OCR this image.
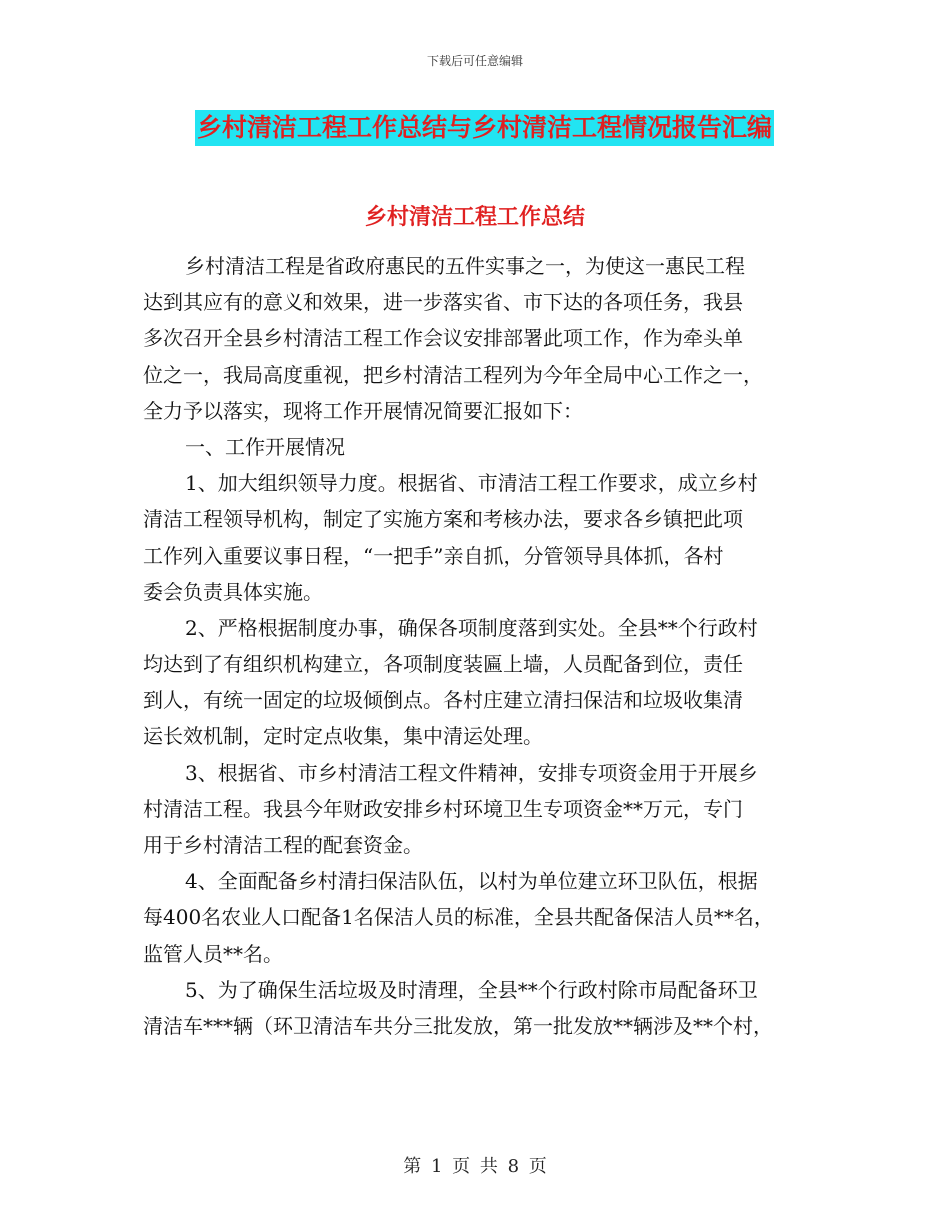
下载后可任意编辑
乡村清洁工程工作总结与乡村清洁工程情况报告汇编
乡村清洁工程工作总结
乡村清洁工程是省政府惠民的五件实事之一，为使这一惠民工程
达到其应有的意义和效果，进一步落实省、市下达的各项任务，我县
多次召开全县乡村清洁工程工作会议安排部署此项工作，作为牵头单
位之一，我局高度重视，把乡村清洁工程列为今年全局中心工作之一，
全力予以落实，现将工作开展情况简要汇报如下：
一、工作开展情况
1、加大组织领导力度。根据省、市清洁工程工作要求，成立乡村
清洁工程领导机构，制定了实施方案和考核办法，要求各乡镇把此项
工作列入重要议事日程，“一把手”亲自抓，分管领导具体抓，各村
委会负责具体实施。
2、严格根据制度办事，确保各项制度落到实处。全县**个行政村
均达到了有组织机构建立，各项制度装匾上墙，人员配备到位，责任
到人，有统一固定的垃圾倾倒点。各村庄建立清扫保洁和垃圾收集清
运长效机制，定时定点收集，集中清运处理。
3、根据省、市乡村清洁工程文件精神，安排专项资金用于开展乡
村清洁工程。我县今年财政安排乡村环境卫生专项资金**万元，专门
用于乡村清洁工程的配套资金。
4、全面配备乡村清扫保洁队伍，以村为单位建立环卫队伍，根据
每400名农业人口配备1名保洁人员的标准，全县共配备保洁人员**名，
监管人员**名。
5、为了确保生活垃圾及时清理，全县**个行政村除市局配备环卫
清洁车***辆（环卫清洁车共分三批发放，第一批发放**辆涉及**个村，
第 1 页 共 8 页
